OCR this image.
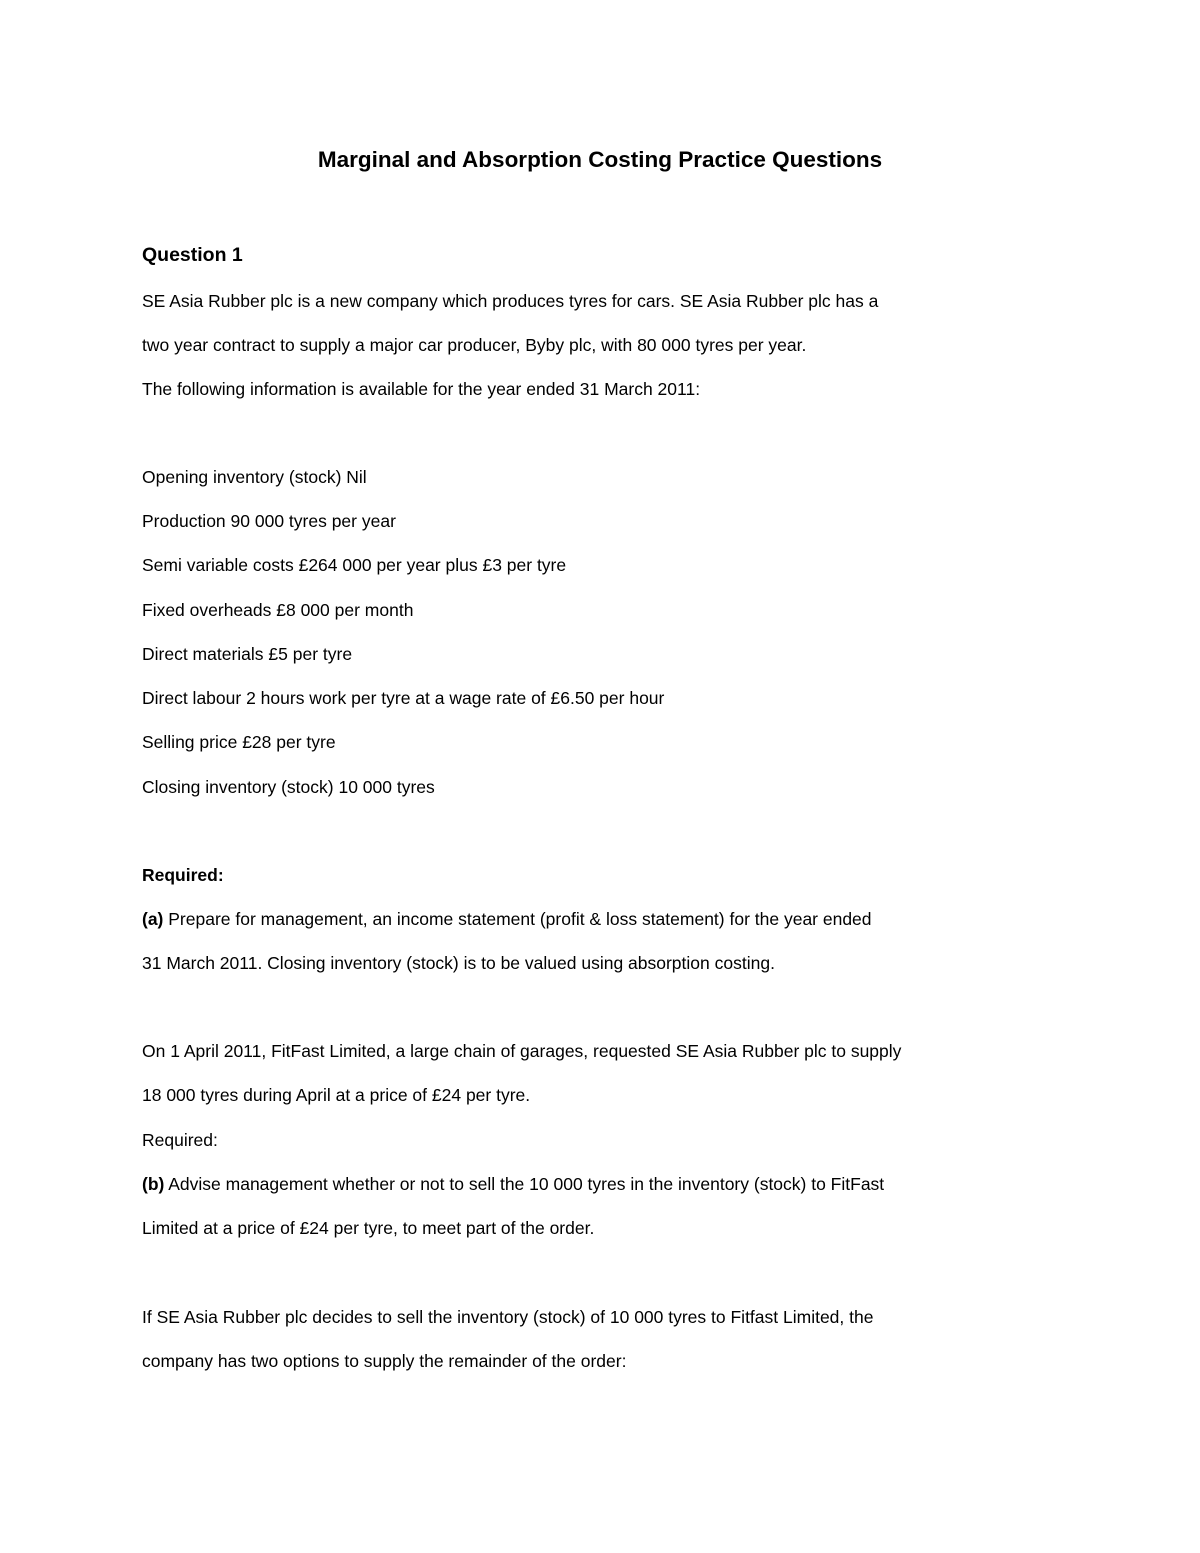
Marginal and Absorption Costing Practice Questions
Question 1
SE Asia Rubber plc is a new company which produces tyres for cars. SE Asia Rubber plc has a
two year contract to supply a major car producer, Byby plc, with 80 000 tyres per year.
The following information is available for the year ended 31 March 2011:
Opening inventory (stock) Nil
Production 90 000 tyres per year
Semi variable costs £264 000 per year plus £3 per tyre
Fixed overheads £8 000 per month
Direct materials £5 per tyre
Direct labour 2 hours work per tyre at a wage rate of £6.50 per hour
Selling price £28 per tyre
Closing inventory (stock) 10 000 tyres
Required:
(a) Prepare for management, an income statement (profit & loss statement) for the year ended
31 March 2011. Closing inventory (stock) is to be valued using absorption costing.
On 1 April 2011, FitFast Limited, a large chain of garages, requested SE Asia Rubber plc to supply
18 000 tyres during April at a price of £24 per tyre.
Required:
(b) Advise management whether or not to sell the 10 000 tyres in the inventory (stock) to FitFast
Limited at a price of £24 per tyre, to meet part of the order.
If SE Asia Rubber plc decides to sell the inventory (stock) of 10 000 tyres to Fitfast Limited, the
company has two options to supply the remainder of the order:
